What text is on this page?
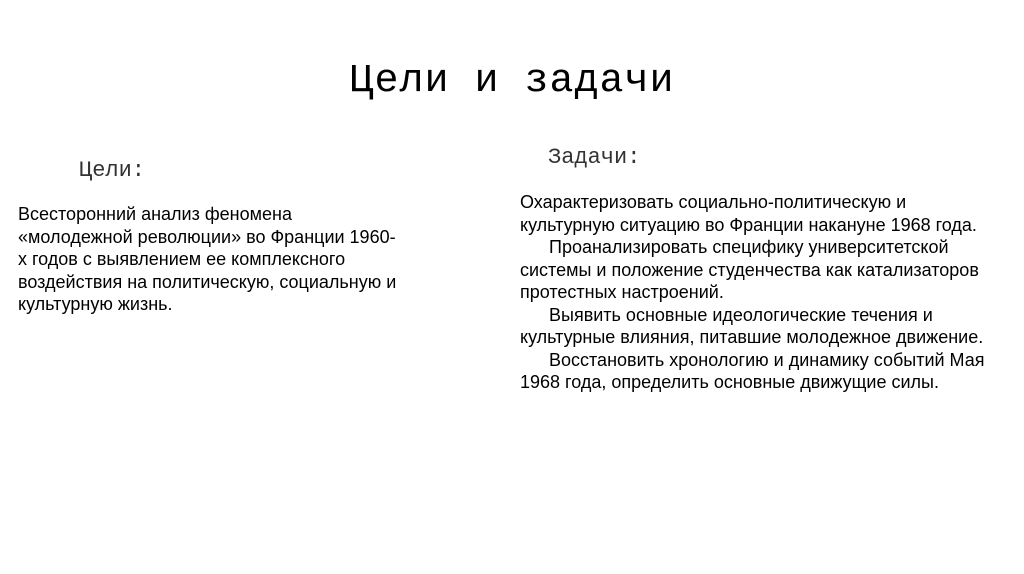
Цели и задачи
Цели:

Всесторонний анализ феномена «молодежной революции» во Франции 1960-х годов с выявлением ее комплексного воздействия на политическую, социальную и культурную жизнь.

Задачи:

Охарактеризовать социально-политическую и культурную ситуацию во Франции накануне 1968 года.

Проанализировать специфику университетской системы и положение студенчества как катализаторов протестных настроений.

Выявить основные идеологические течения и культурные влияния, питавшие молодежное движение.

Восстановить хронологию и динамику событий Мая 1968 года, определить основные движущие силы.
